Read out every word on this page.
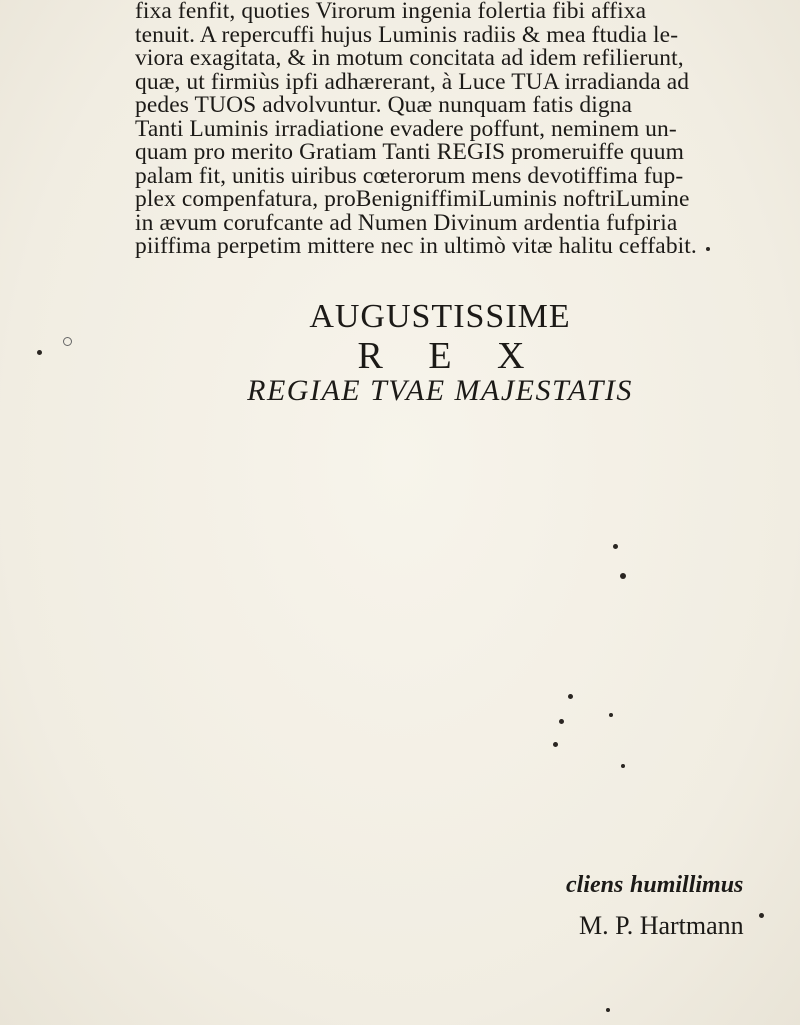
fixa fenfit, quoties Virorum ingenia folertia fibi affixa
tenuit. A repercuffi hujus Luminis radiis & mea ftudia le-
viora exagitata, & in motum concitata ad idem refilierunt,
quæ, ut firmiùs ipfi adhærerant, à Luce TUA irradianda ad
pedes TUOS advolvuntur. Quæ nunquam fatis digna
Tanti Luminis irradiatione evadere poffunt, neminem un-
quam pro merito Gratiam Tanti REGIS promeruiffe quum
palam fit, unitis uiribus cœterorum mens devotiffima fup-
plex compenfatura, proBenigniffimiLuminis noftriLumine
in ævum corufcante ad Numen Divinum ardentia fufpiria
piiffima perpetim mittere nec in ultimò vitæ halitu ceffabit.
AUGUSTISSIME
R E X
REGIAE TVAE MAJESTATIS
cliens humillimus
M. P. Hartmann
